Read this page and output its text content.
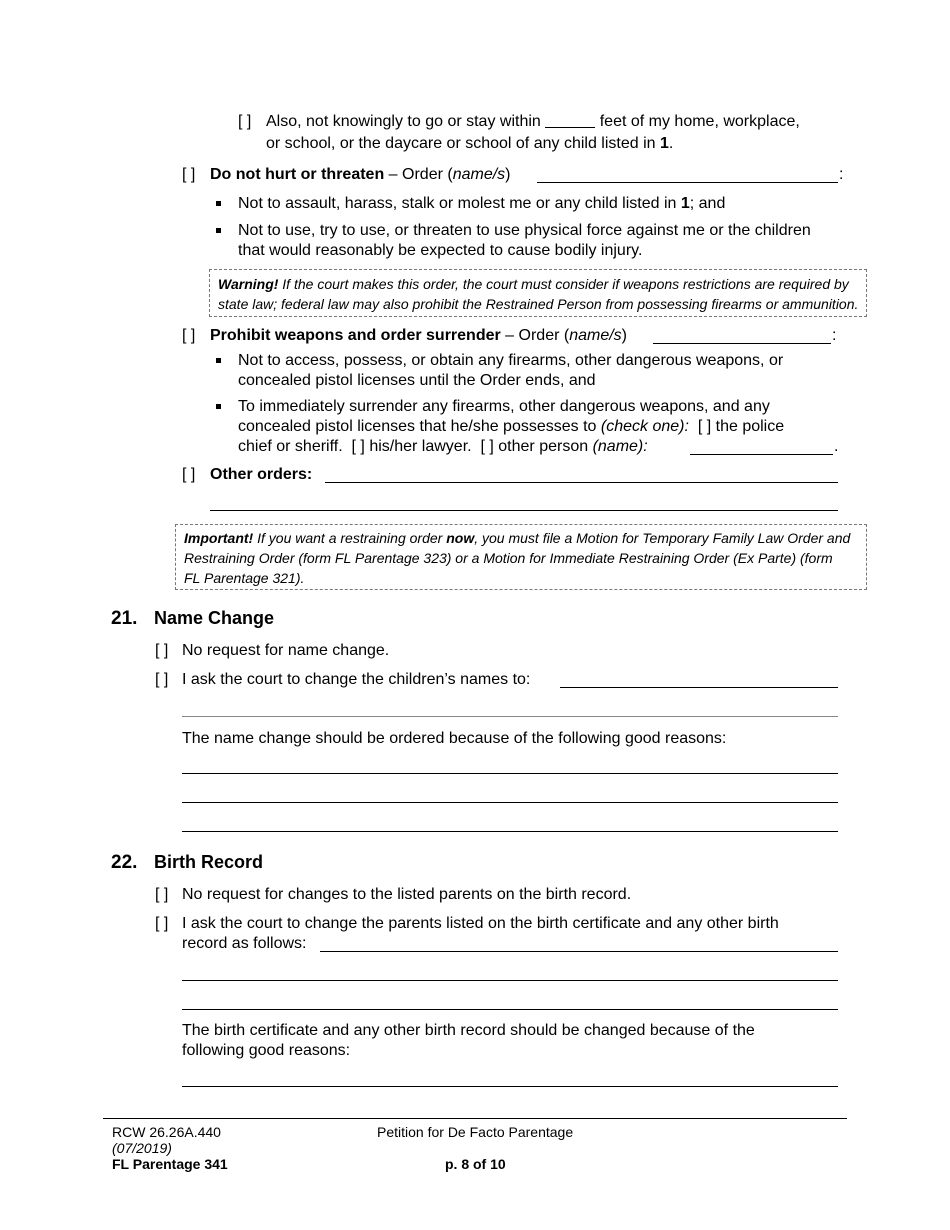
[ ] Also, not knowingly to go or stay within	feet of my home, workplace,
or school, or the daycare or school of any child listed in 1.
[ ] Do not hurt or threaten – Order (name/s)	:
Not to assault, harass, stalk or molest me or any child listed in 1; and
Not to use, try to use, or threaten to use physical force against me or the children
that would reasonably be expected to cause bodily injury.
Warning! If the court makes this order, the court must consider if weapons restrictions are required by
state law; federal law may also prohibit the Restrained Person from possessing firearms or ammunition.
[ ] Prohibit weapons and order surrender – Order (name/s)	:
Not to access, possess, or obtain any firearms, other dangerous weapons, or
concealed pistol licenses until the Order ends, and
To immediately surrender any firearms, other dangerous weapons, and any
concealed pistol licenses that he/she possesses to (check one): [ ] the police
chief or sheriff. [ ] his/her lawyer. [ ] other person (name):	.
[ ] Other orders:
Important! If you want a restraining order now, you must file a Motion for Temporary Family Law Order and
Restraining Order (form FL Parentage 323) or a Motion for Immediate Restraining Order (Ex Parte) (form
FL Parentage 321).
21. Name Change
[ ] No request for name change.
[ ] I ask the court to change the children’s names to:
The name change should be ordered because of the following good reasons:
22. Birth Record
[ ] No request for changes to the listed parents on the birth record.
[ ] I ask the court to change the parents listed on the birth certificate and any other birth
record as follows:
The birth certificate and any other birth record should be changed because of the
following good reasons:
RCW 26.26A.440
(07/2019)
FL Parentage 341
Petition for De Facto Parentage
p. 8 of 10
